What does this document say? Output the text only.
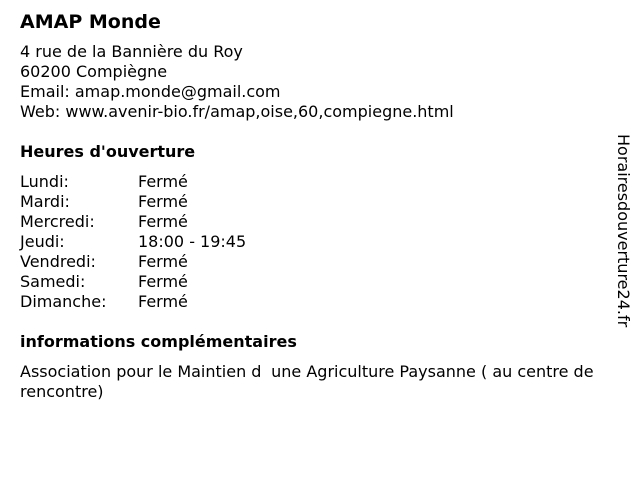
AMAP Monde
4 rue de la Bannière du Roy
60200 Compiègne
Email: amap.monde@gmail.com
Web: www.avenir-bio.fr/amap,oise,60,compiegne.html
Heures d'ouverture
Lundi:	Fermé
Mardi:	Fermé
Mercredi:	Fermé
Jeudi:	18:00 - 19:45
Vendredi:	Fermé
Samedi:	Fermé
Dimanche:	Fermé
informations complémentaires
Association pour le Maintien dune Agriculture Paysanne ( au centre de rencontre)
Horairesdouverture24.fr
